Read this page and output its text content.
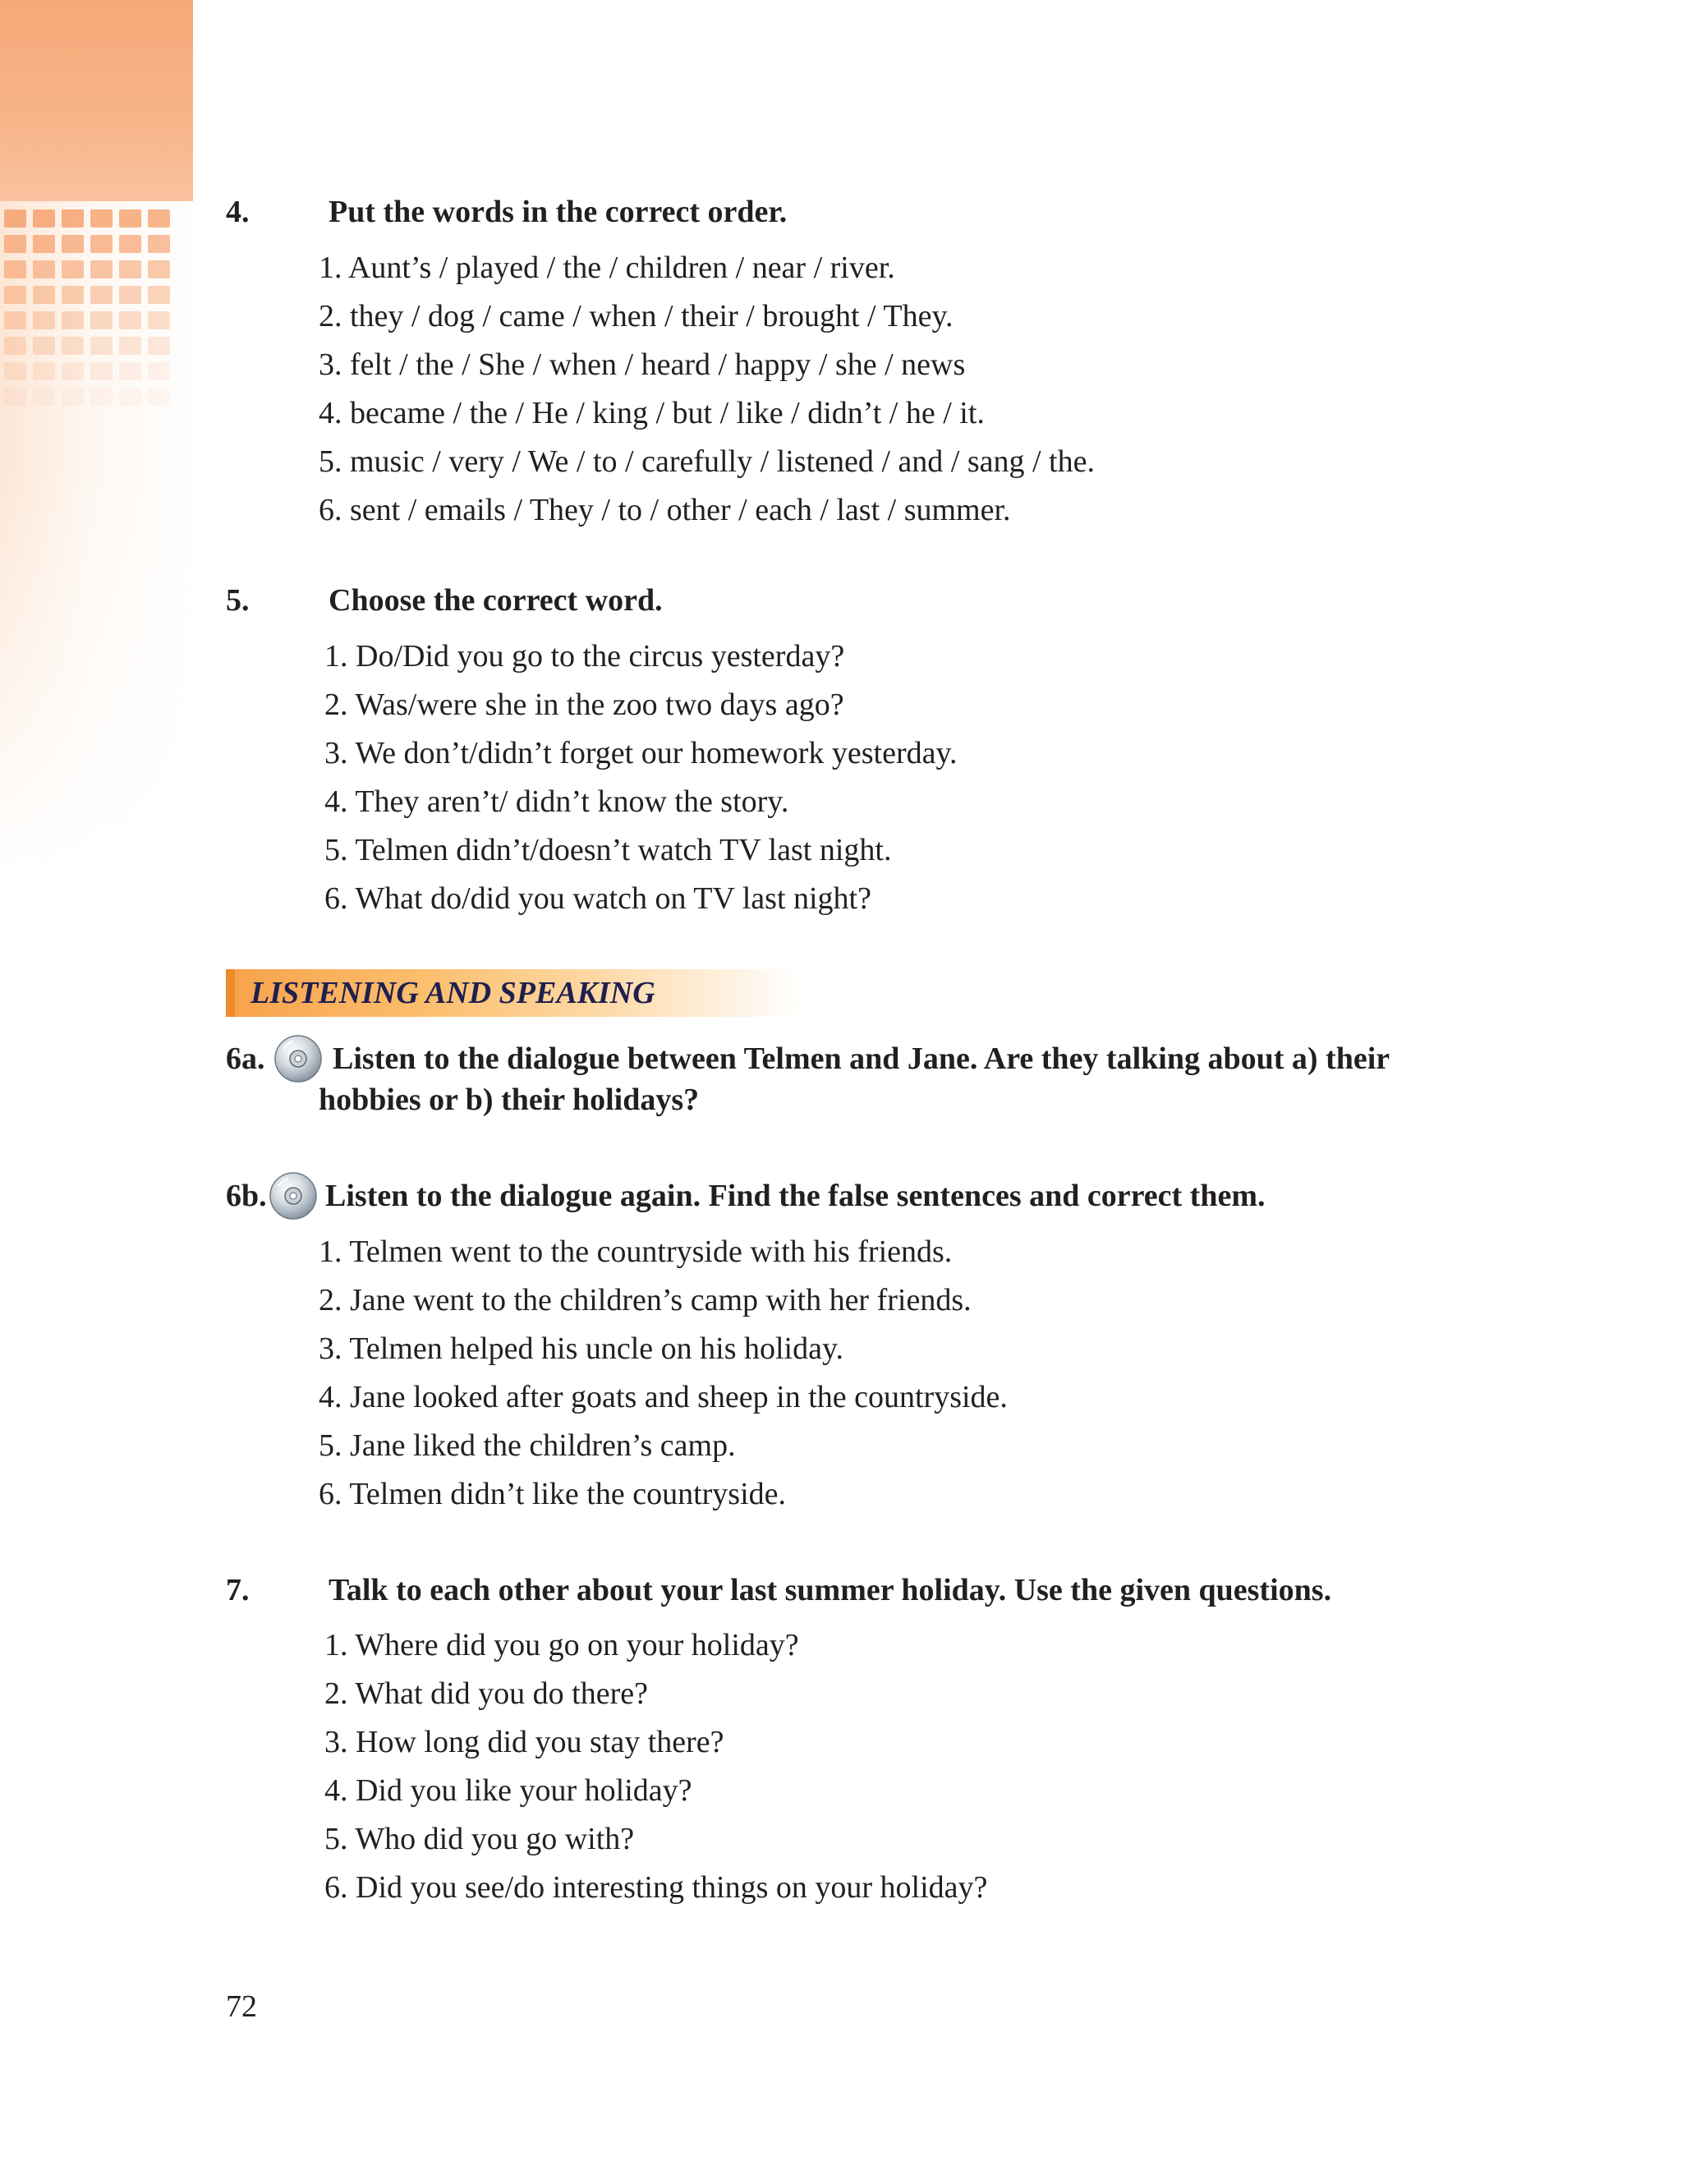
4.	Put the words in the correct order.
1. Aunt’s / played / the / children / near / river.
2. they / dog / came / when / their / brought / They.
3. felt / the / She / when / heard / happy / she / news
4. became / the / He / king / but / like / didn’t / he / it.
5. music / very / We / to / carefully / listened / and / sang / the.
6. sent / emails / They / to / other / each / last / summer.
5.	Choose the correct word.
1. Do/Did you go to the circus yesterday?
2. Was/were she in the zoo two days ago?
3. We don’t/didn’t forget our homework yesterday.
4. They aren’t/ didn’t know the story.
5. Telmen didn’t/doesn’t watch TV last night.
6. What do/did you watch on TV last night?
LISTENING AND SPEAKING
6a. Listen to the dialogue between Telmen and Jane. Are they talking about a) their
hobbies or b) their holidays?
6b. Listen to the dialogue again. Find the false sentences and correct them.
1. Telmen went to the countryside with his friends.
2. Jane went to the children’s camp with her friends.
3. Telmen helped his uncle on his holiday.
4. Jane looked after goats and sheep in the countryside.
5. Jane liked the children’s camp.
6. Telmen didn’t like the countryside.
7.	Talk to each other about your last summer holiday. Use the given questions.
1. Where did you go on your holiday?
2. What did you do there?
3. How long did you stay there?
4. Did you like your holiday?
5. Who did you go with?
6. Did you see/do interesting things on your holiday?
72
